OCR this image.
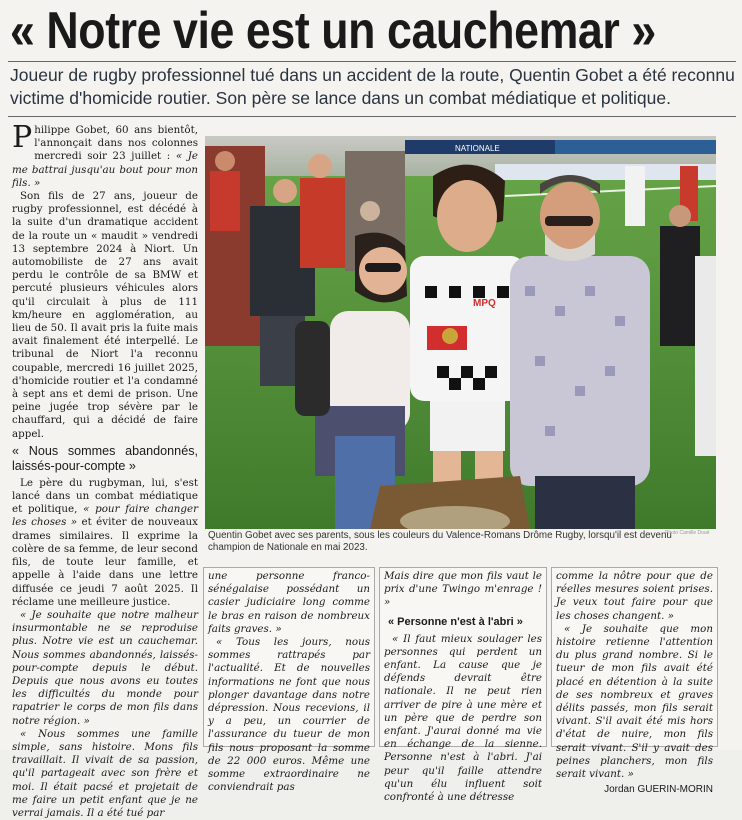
« Notre vie est un cauchemar »
Joueur de rugby professionnel tué dans un accident de la route, Quentin Gobet a été reconnu victime d'homicide routier. Son père se lance dans un combat médiatique et politique.

Philippe Gobet, 60 ans bientôt, l'annonçait dans nos colonnes mercredi soir 23 juillet : « Je me battrai jusqu'au bout pour mon fils. »

Son fils de 27 ans, joueur de rugby professionnel, est décédé à la suite d'un dramatique accident de la route un « maudit » vendredi 13 septembre 2024 à Niort. Un automobiliste de 27 ans avait perdu le contrôle de sa BMW et percuté plusieurs véhicules alors qu'il circulait à plus de 111 km/heure en agglomération, au lieu de 50. Il avait pris la fuite mais avait finalement été interpellé. Le tribunal de Niort l'a reconnu coupable, mercredi 16 juillet 2025, d'homicide routier et l'a condamné à sept ans et demi de prison. Une peine jugée trop sévère par le chauffard, qui a décidé de faire appel.

« Nous sommes abandonnés, laissés-pour-compte »

Le père du rugbyman, lui, s'est lancé dans un combat médiatique et politique, « pour faire changer les choses » et éviter de nouveaux drames similaires. Il exprime la colère de sa femme, de leur second fils, de toute leur famille, et appelle à l'aide dans une lettre diffusée ce jeudi 7 août 2025. Il réclame une meilleure justice.

« Je souhaite que notre malheur insurmontable ne se reproduise plus. Notre vie est un cauchemar. Nous sommes abandonnés, laissés-pour-compte depuis le début. Depuis que nous avons eu toutes les difficultés du monde pour rapatrier le corps de mon fils dans notre région. »

« Nous sommes une famille simple, sans histoire. Mons fils travaillait. Il vivait de sa passion, qu'il partageait avec son frère et moi. Il était pacsé et projetait de me faire un petit enfant que je ne verrai jamais. Il a été tué par

NATIONALE
MPQ
Quentin Gobet avec ses parents, sous les couleurs du Valence-Romans Drôme Rugby, lorsqu'il est devenu champion de Nationale en mai 2023.
Photo Camille Doué

une personne franco-sénégalaise possédant un casier judiciaire long comme le bras en raison de nombreux faits graves. »

« Tous les jours, nous sommes rattrapés par l'actualité. Et de nouvelles informations ne font que nous plonger davantage dans notre dépression. Nous recevions, il y a peu, un courrier de l'assurance du tueur de mon fils nous proposant la somme de 22 000 euros. Même une somme extraordinaire ne conviendrait pas

Mais dire que mon fils vaut le prix d'une Twingo m'enrage ! »

« Personne n'est à l'abri »

« Il faut mieux soulager les personnes qui perdent un enfant. La cause que je défends devrait être nationale. Il ne peut rien arriver de pire à une mère et un père que de perdre son enfant. J'aurai donné ma vie en échange de la sienne. Personne n'est à l'abri. J'ai peur qu'il faille attendre qu'un élu influent soit confronté à une détresse

comme la nôtre pour que de réelles mesures soient prises. Je veux tout faire pour que les choses changent. »

« Je souhaite que mon histoire retienne l'attention du plus grand nombre. Si le tueur de mon fils avait été placé en détention à la suite de ses nombreux et graves délits passés, mon fils serait vivant. S'il avait été mis hors d'état de nuire, mon fils serait vivant. S'il y avait des peines planchers, mon fils serait vivant. »

Jordan GUERIN-MORIN
